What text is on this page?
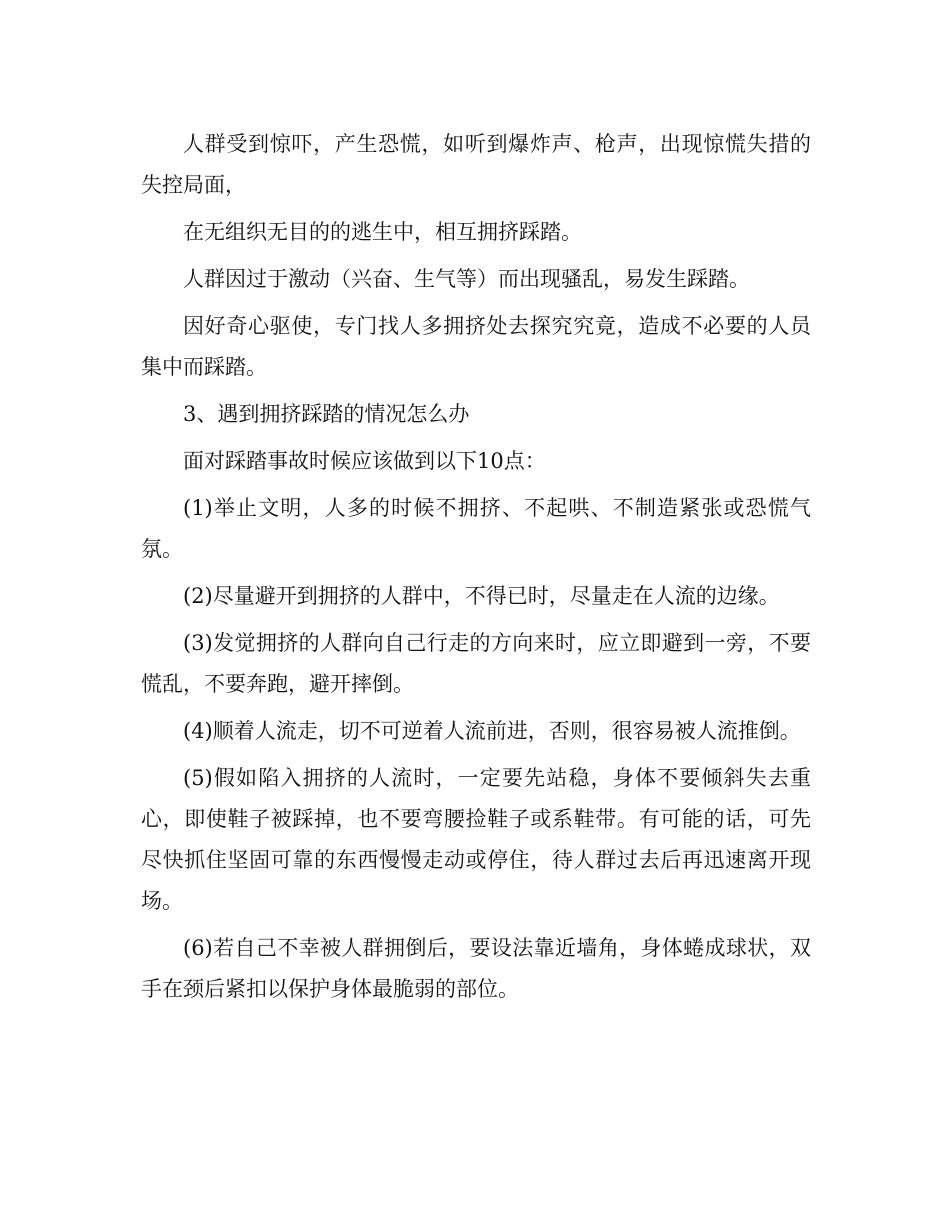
人群受到惊吓，产生恐慌，如听到爆炸声、枪声，出现惊慌失措的失控局面，

在无组织无目的的逃生中，相互拥挤踩踏。

人群因过于激动（兴奋、生气等）而出现骚乱，易发生踩踏。

因好奇心驱使，专门找人多拥挤处去探究究竟，造成不必要的人员集中而踩踏。

3、遇到拥挤踩踏的情况怎么办

面对踩踏事故时候应该做到以下10点：

(1)举止文明，人多的时候不拥挤、不起哄、不制造紧张或恐慌气氛。

(2)尽量避开到拥挤的人群中，不得已时，尽量走在人流的边缘。

(3)发觉拥挤的人群向自己行走的方向来时，应立即避到一旁，不要慌乱，不要奔跑，避开摔倒。

(4)顺着人流走，切不可逆着人流前进，否则，很容易被人流推倒。

(5)假如陷入拥挤的人流时，一定要先站稳，身体不要倾斜失去重心，即使鞋子被踩掉，也不要弯腰捡鞋子或系鞋带。有可能的话，可先尽快抓住坚固可靠的东西慢慢走动或停住，待人群过去后再迅速离开现场。

(6)若自己不幸被人群拥倒后，要设法靠近墙角，身体蜷成球状，双手在颈后紧扣以保护身体最脆弱的部位。
